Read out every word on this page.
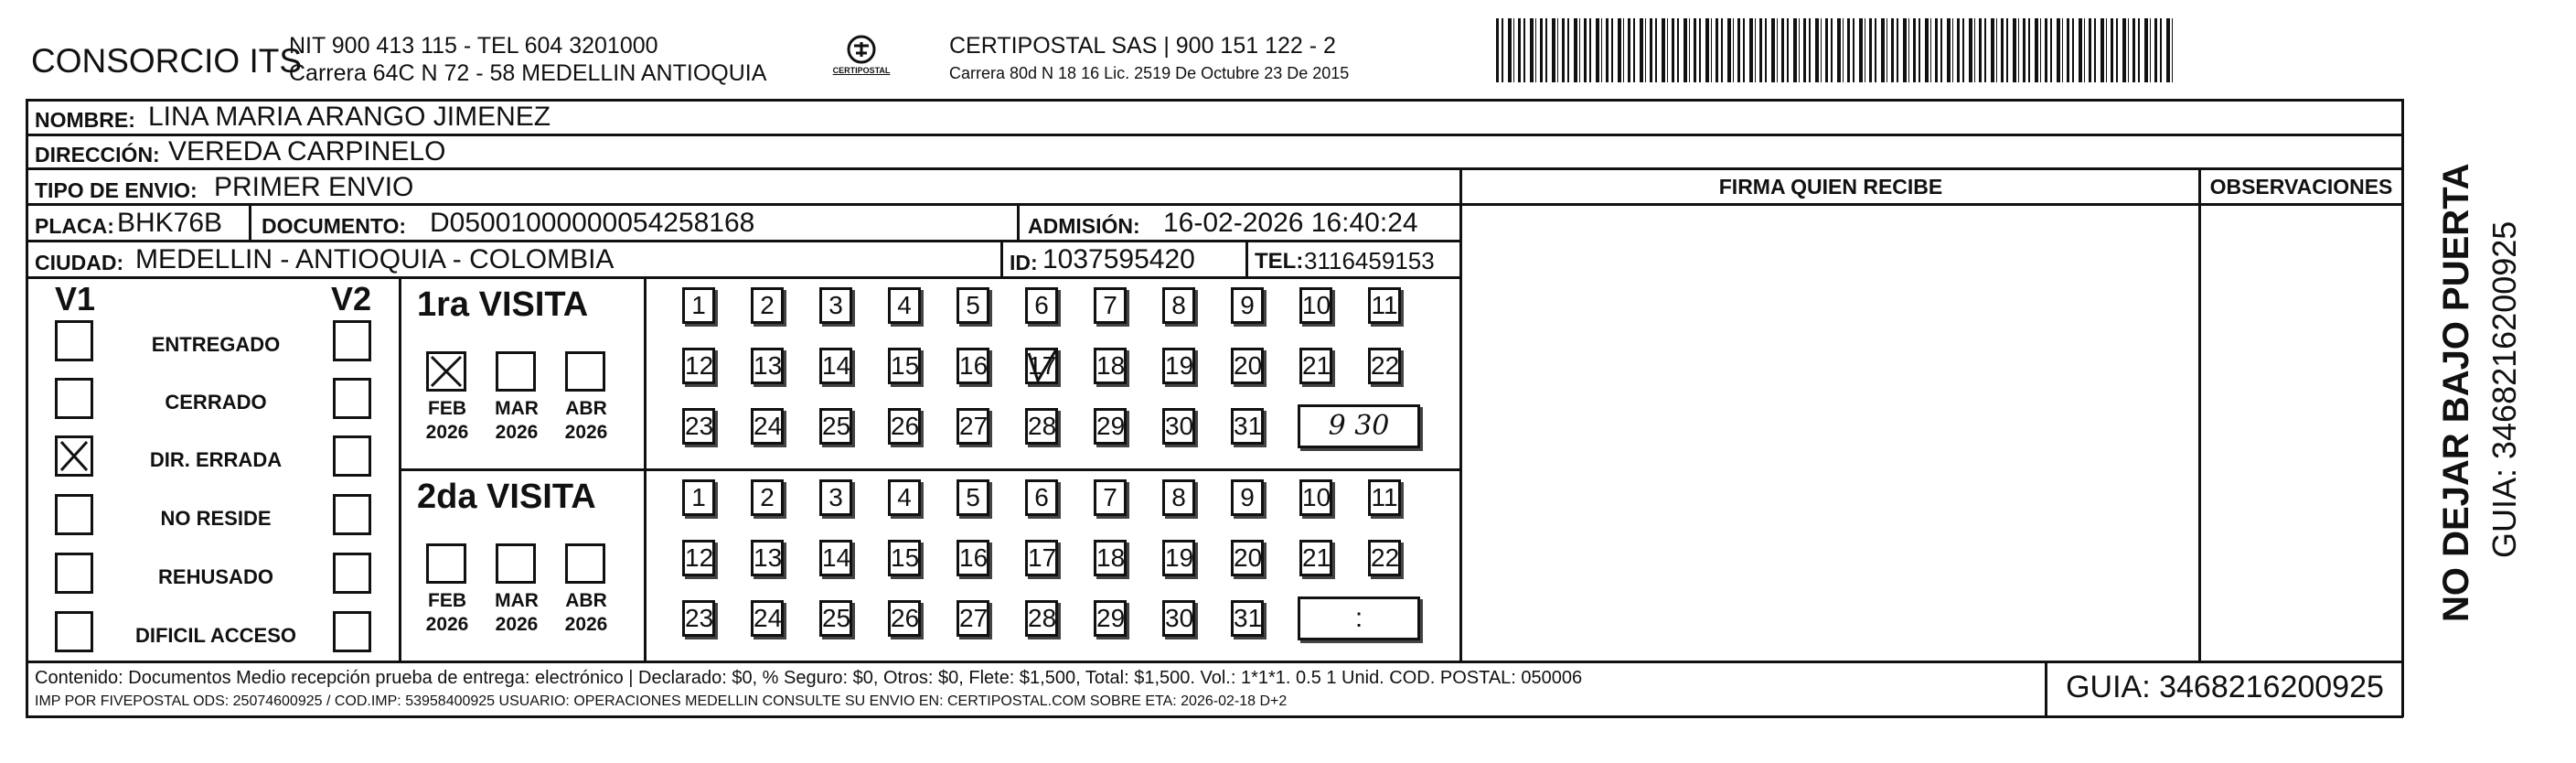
CONSORCIO ITS
NIT 900 413 115 - TEL 604 3201000
Carrera 64C N 72 - 58 MEDELLIN ANTIOQUIA	CERTIPOSTAL
CERTIPOSTAL SAS | 900 151 122 - 2
Carrera 80d N 18 16 Lic. 2519 De Octubre 23 De 2015
NOMBRE: LINA MARIA ARANGO JIMENEZ
DIRECCIÓN: VEREDA CARPINELO
TIPO DE ENVIO: PRIMER ENVIO	FIRMA QUIEN RECIBE	OBSERVACIONES
PLACA: BHK76B DOCUMENTO: D05001000000054258168	ADMISIÓN: 16-02-2026 16:40:24
CIUDAD: MEDELLIN - ANTIOQUIA - COLOMBIA	ID: 1037595420	TEL: 3116459153
V1	V2
ENTREGADO
CERRADO
DIR. ERRADA
NO RESIDE
REHUSADO
DIFICIL ACCESO
1ra VISITA
2da VISITA
FEB
2026
MAR
2026
ABR
2026
1	2	3	4	5	6	7	8	9	10 11
12 13 14 15 16 17 18 19 20 21 22
23 24 25 26 27 28 29 30 31	9 30
FEB
2026
MAR
2026
ABR
2026
1	2	3	4	5	6	7	8	9	10 11
12 13 14 15 16 17 18 19 20 21 22
23 24 25 26 27 28 29 30 31	:
Contenido: Documentos Medio recepción prueba de entrega: electrónico | Declarado: $0, % Seguro: $0, Otros: $0, Flete: $1,500, Total: $1,500. Vol.: 1*1*1. 0.5 1 Unid. COD. POSTAL: 050006
IMP POR FIVEPOSTAL ODS: 25074600925 / COD.IMP: 53958400925 USUARIO: OPERACIONES MEDELLIN CONSULTE SU ENVIO EN: CERTIPOSTAL.COM SOBRE ETA: 2026-02-18 D+2	GUIA: 3468216200925
NO DEJAR BAJO PUERTA GUIA: 3468216200925
